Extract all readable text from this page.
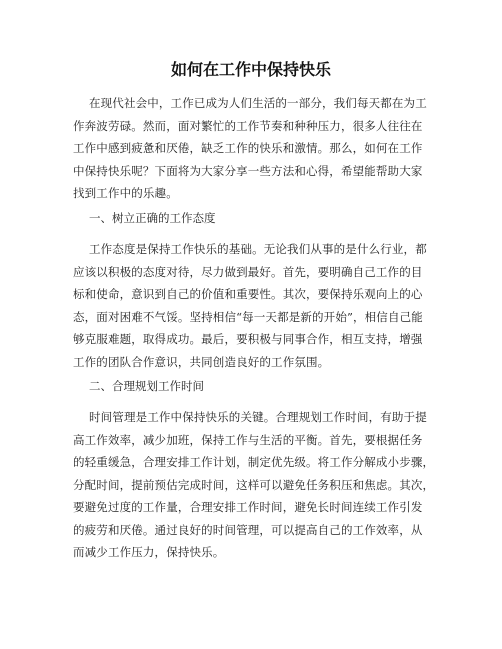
如何在工作中保持快乐
在现代社会中，工作已成为人们生活的一部分，我们每天都在为工
作奔波劳碌。然而，面对繁忙的工作节奏和种种压力，很多人往往在
工作中感到疲惫和厌倦，缺乏工作的快乐和激情。那么，如何在工作
中保持快乐呢？下面将为大家分享一些方法和心得，希望能帮助大家
找到工作中的乐趣。
一、树立正确的工作态度
工作态度是保持工作快乐的基础。无论我们从事的是什么行业，都
应该以积极的态度对待，尽力做到最好。首先，要明确自己工作的目
标和使命，意识到自己的价值和重要性。其次，要保持乐观向上的心
态，面对困难不气馁。坚持相信“每一天都是新的开始”，相信自己能
够克服难题，取得成功。最后，要积极与同事合作，相互支持，增强
工作的团队合作意识，共同创造良好的工作氛围。
二、合理规划工作时间
时间管理是工作中保持快乐的关键。合理规划工作时间，有助于提
高工作效率，减少加班，保持工作与生活的平衡。首先，要根据任务
的轻重缓急，合理安排工作计划，制定优先级。将工作分解成小步骤，
分配时间，提前预估完成时间，这样可以避免任务积压和焦虑。其次，
要避免过度的工作量，合理安排工作时间，避免长时间连续工作引发
的疲劳和厌倦。通过良好的时间管理，可以提高自己的工作效率，从
而减少工作压力，保持快乐。
